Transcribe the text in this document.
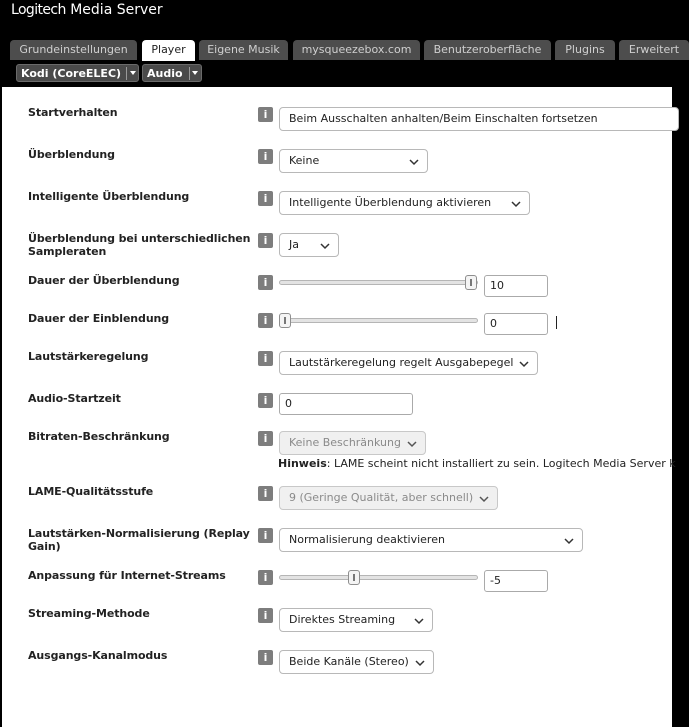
Logitech Media Server
Grundeinstellungen	Player	Eigene Musik	mysqueezebox.com	Benutzeroberfläche	Plugins	Erweitert
Kodi (CoreELEC) Audio
Startverhalten	i	Beim Ausschalten anhalten/Beim Einschalten fortsetzen
Überblendung	i	Keine
Intelligente Überblendung	i	Intelligente Überblendung aktivieren
Überblendung bei unterschiedlichen
Sampleraten
i	Ja
Dauer der Überblendung	i	10
Dauer der Einblendung	i	0
Lautstärkeregelung	i	Lautstärkeregelung regelt Ausgabepegel
Audio-Startzeit	i	0
Bitraten-Beschränkung	i	Keine Beschränkung
Hinweis: LAME scheint nicht installiert zu sein. Logitech Media Server k
LAME-Qualitätsstufe	i	9 (Geringe Qualität, aber schnell)
Lautstärken-Normalisierung (Replay
Gain)
i	Normalisierung deaktivieren
Anpassung für Internet-Streams	i	-5
Streaming-Methode	i	Direktes Streaming
Ausgangs-Kanalmodus	i	Beide Kanäle (Stereo)
